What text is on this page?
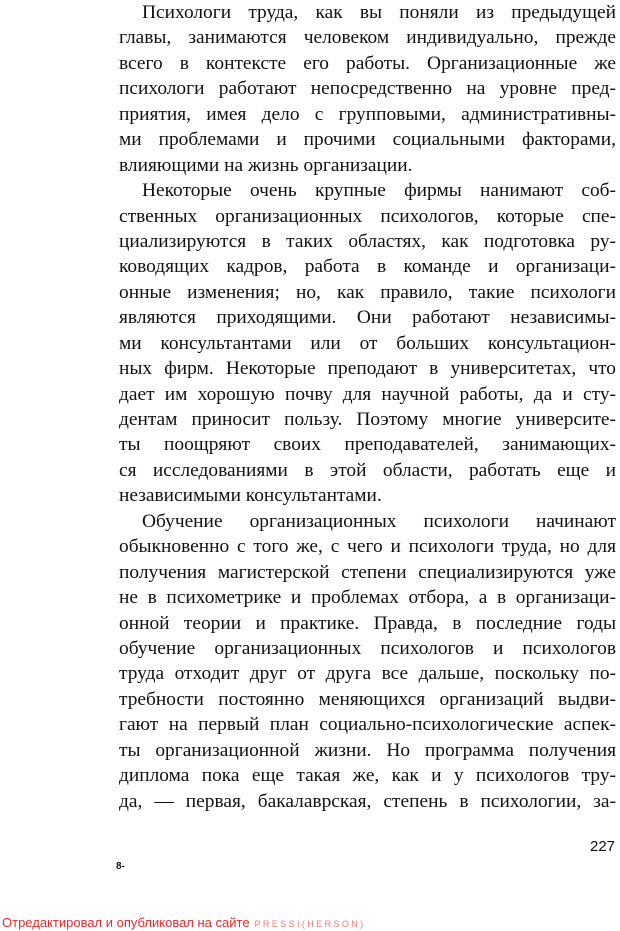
Психологи труда, как вы поняли из предыдущей
главы, занимаются человеком индивидуально, прежде
всего в контексте его работы. Организационные же
психологи работают непосредственно на уровне пред-
приятия, имея дело с групповыми, административны-
ми проблемами и прочими социальными факторами,
влияющими на жизнь организации.
Некоторые очень крупные фирмы нанимают соб-
ственных организационных психологов, которые спе-
циализируются в таких областях, как подготовка ру-
ководящих кадров, работа в команде и организаци-
онные изменения; но, как правило, такие психологи
являются приходящими. Они работают независимы-
ми консультантами или от больших консультацион-
ных фирм. Некоторые преподают в университетах, что
дает им хорошую почву для научной работы, да и сту-
дентам приносит пользу. Поэтому многие университе-
ты поощряют своих преподавателей, занимающих-
ся исследованиями в этой области, работать еще и
независимыми консультантами.
Обучение организационных психологи начинают
обыкновенно с того же, с чего и психологи труда, но для
получения магистерской степени специализируются уже
не в психометрике и проблемах отбора, а в организаци-
онной теории и практике. Правда, в последние годы
обучение организационных психологов и психологов
труда отходит друг от друга все дальше, поскольку по-
требности постоянно меняющихся организаций выдви-
гают на первый план социально-психологические аспек-
ты организационной жизни. Но программа получения
диплома пока еще такая же, как и у психологов тру-
да, — первая, бакалаврская, степень в психологии, за-
227
8-
Отредактировал и опубликовал на сайте PRESSI(HERSON)
